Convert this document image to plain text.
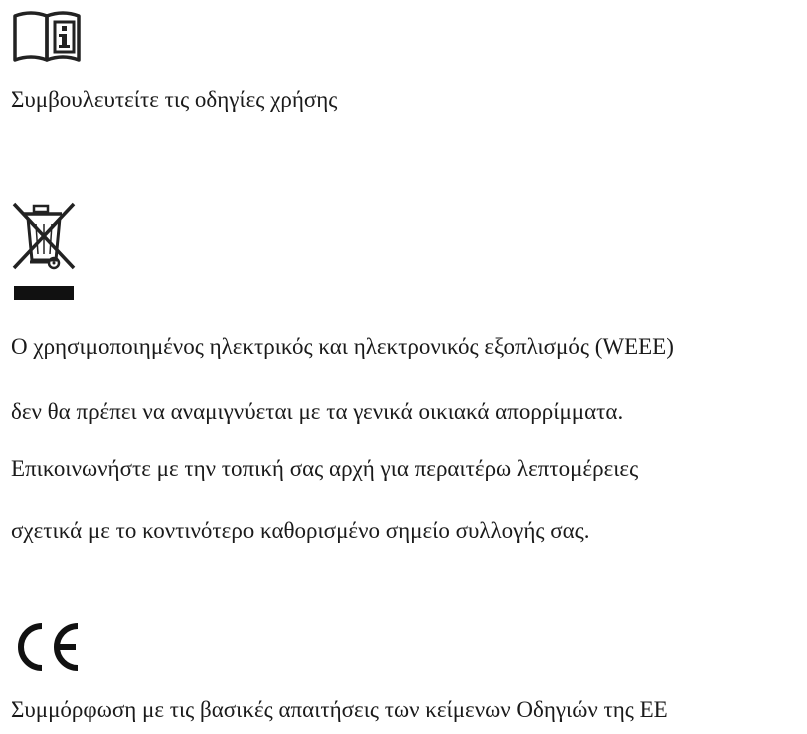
Συμβουλευτείτε τις οδηγίες χρήσης
Ο χρησιμοποιημένος ηλεκτρικός και ηλεκτρονικός εξοπλισμός (WEEE)
δεν θα πρέπει να αναμιγνύεται με τα γενικά οικιακά απορρίμματα.
Επικοινωνήστε με την τοπική σας αρχή για περαιτέρω λεπτομέρειες
σχετικά με το κοντινότερο καθορισμένο σημείο συλλογής σας.
Συμμόρφωση με τις βασικές απαιτήσεις των κείμενων Οδηγιών της ΕΕ
